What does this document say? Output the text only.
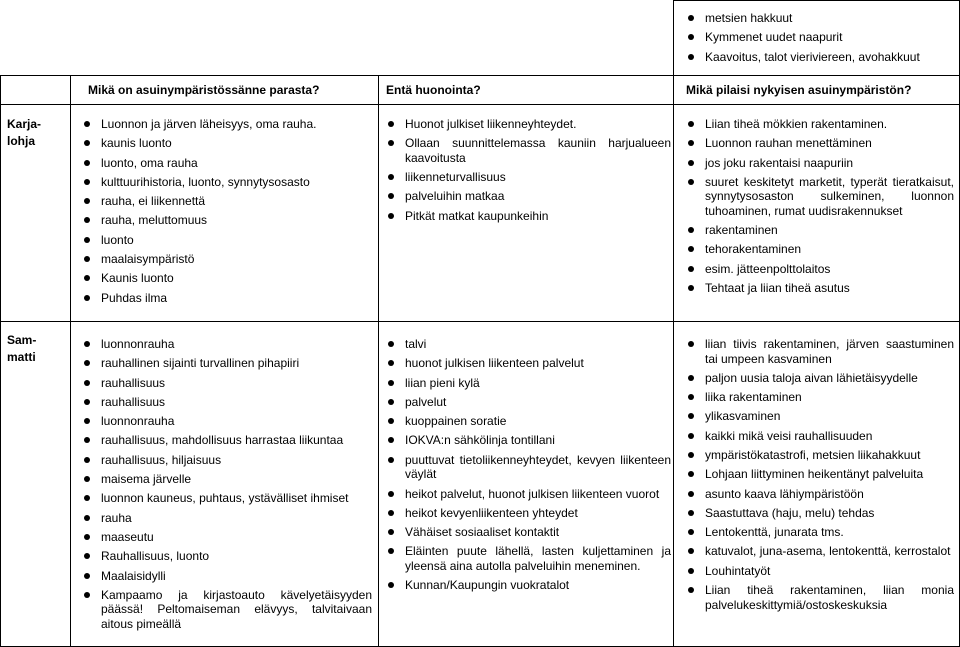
metsien hakkuut
Kymmenet uudet naapurit
Kaavoitus, talot vieriviereen, avohakkuut
Mikä on asuinympäristössänne parasta?	Entä huonointa?	Mikä pilaisi nykyisen asuinympäristön?
Karja-
lohja
Luonnon ja järven läheisyys, oma rauha.
kaunis luonto
luonto, oma rauha
kulttuurihistoria, luonto, synnytysosasto
rauha, ei liikennettä
rauha, meluttomuus
luonto
maalaisympäristö
Kaunis luonto
Puhdas ilma
Huonot julkiset liikenneyhteydet.
Ollaan suunnittelemassa kauniin harjualueen kaavoitusta
liikenneturvallisuus
palveluihin matkaa
Pitkät matkat kaupunkeihin
Liian tiheä mökkien rakentaminen.
Luonnon rauhan menettäminen
jos joku rakentaisi naapuriin
suuret keskitetyt marketit, typerät tieratkaisut, synnytysosaston sulkeminen, luonnon tuhoaminen, rumat uudisrakennukset
rakentaminen
tehorakentaminen
esim. jätteenpolttolaitos
Tehtaat ja liian tiheä asutus
Sam-
matti
luonnonrauha
rauhallinen sijainti turvallinen pihapiiri
rauhallisuus
rauhallisuus
luonnonrauha
rauhallisuus, mahdollisuus harrastaa liikuntaa
rauhallisuus, hiljaisuus
maisema järvelle
luonnon kauneus, puhtaus, ystävälliset ihmiset
rauha
maaseutu
Rauhallisuus, luonto
Maalaisidylli
Kampaamo ja kirjastoauto kävelyetäisyyden päässä! Peltomaiseman elävyys, talvitaivaan aitous pimeällä
talvi
huonot julkisen liikenteen palvelut
liian pieni kylä
palvelut
kuoppainen soratie
IOKVA:n sähkölinja tontillani
puuttuvat tietoliikenneyhteydet, kevyen liikenteen väylät
heikot palvelut, huonot julkisen liikenteen vuorot
heikot kevyenliikenteen yhteydet
Vähäiset sosiaaliset kontaktit
Eläinten puute lähellä, lasten kuljettaminen ja yleensä aina autolla palveluihin meneminen.
Kunnan/Kaupungin vuokratalot
liian tiivis rakentaminen, järven saastuminen tai umpeen kasvaminen
paljon uusia taloja aivan lähietäisyydelle
liika rakentaminen
ylikasvaminen
kaikki mikä veisi rauhallisuuden
ympäristökatastrofi, metsien liikahakkuut
Lohjaan liittyminen heikentänyt palveluita
asunto kaava lähiympäristöön
Saastuttava (haju, melu) tehdas
Lentokenttä, junarata tms.
katuvalot, juna-asema, lentokenttä, kerrostalot
Louhintatyöt
Liian tiheä rakentaminen, liian monia palvelukeskittymiä/ostoskeskuksia
